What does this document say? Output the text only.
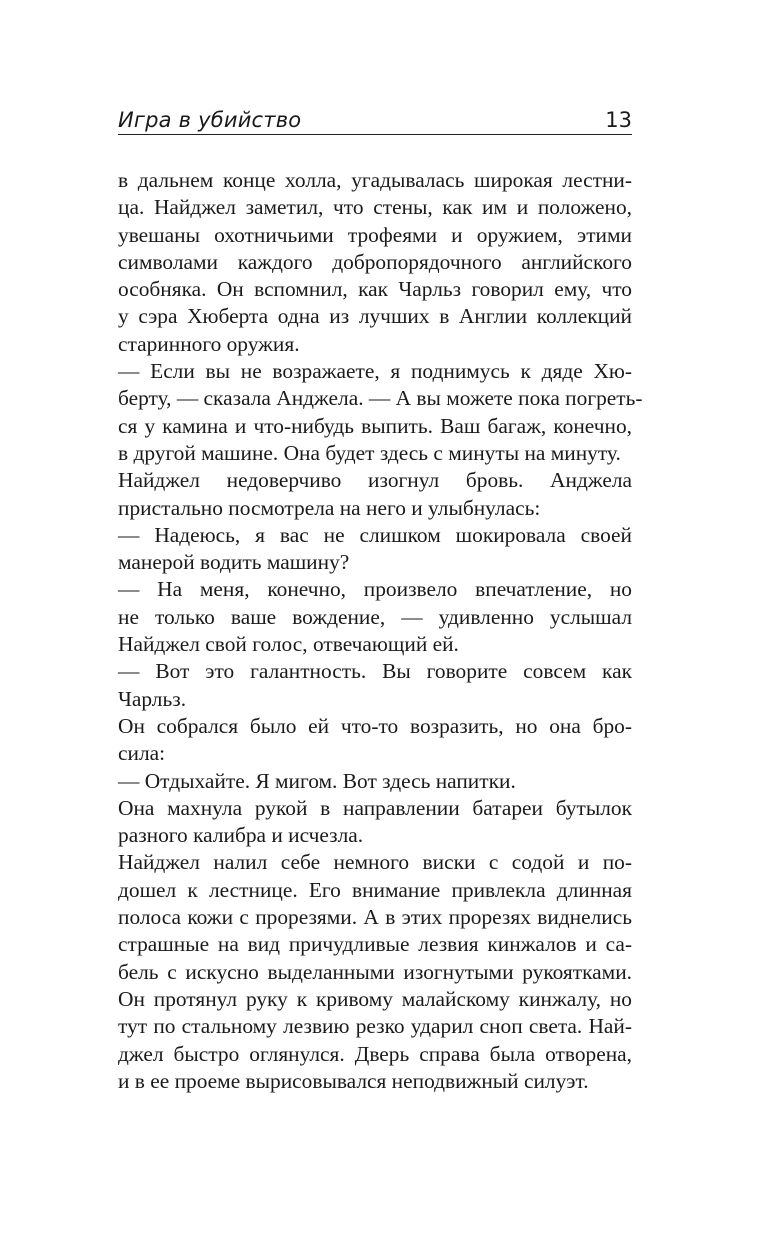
Игра в убийство	13
в дальнем конце холла, угадывалась широкая лестни-
ца. Найджел заметил, что стены, как им и положено,
увешаны охотничьими трофеями и оружием, этими
символами каждого добропорядочного английского
особняка. Он вспомнил, как Чарльз говорил ему, что
у сэра Хюберта одна из лучших в Англии коллекций
старинного оружия.
— Если вы не возражаете, я поднимусь к дяде Хю-
берту, — сказала Анджела. — А вы можете пока погреть-
ся у камина и что-нибудь выпить. Ваш багаж, конечно,
в другой машине. Она будет здесь с минуты на минуту.
Найджел недоверчиво изогнул бровь. Анджела
пристально посмотрела на него и улыбнулась:
— Надеюсь, я вас не слишком шокировала своей
манерой водить машину?
— На меня, конечно, произвело впечатление, но
не только ваше вождение, — удивленно услышал
Найджел свой голос, отвечающий ей.
— Вот это галантность. Вы говорите совсем как
Чарльз.
Он собрался было ей что-то возразить, но она бро-
сила:
— Отдыхайте. Я мигом. Вот здесь напитки.
Она махнула рукой в направлении батареи бутылок
разного калибра и исчезла.
Найджел налил себе немного виски с содой и по-
дошел к лестнице. Его внимание привлекла длинная
полоса кожи с прорезями. А в этих прорезях виднелись
страшные на вид причудливые лезвия кинжалов и са-
бель с искусно выделанными изогнутыми рукоятками.
Он протянул руку к кривому малайскому кинжалу, но
тут по стальному лезвию резко ударил сноп света. Най-
джел быстро оглянулся. Дверь справа была отворена,
и в ее проеме вырисовывался неподвижный силуэт.
